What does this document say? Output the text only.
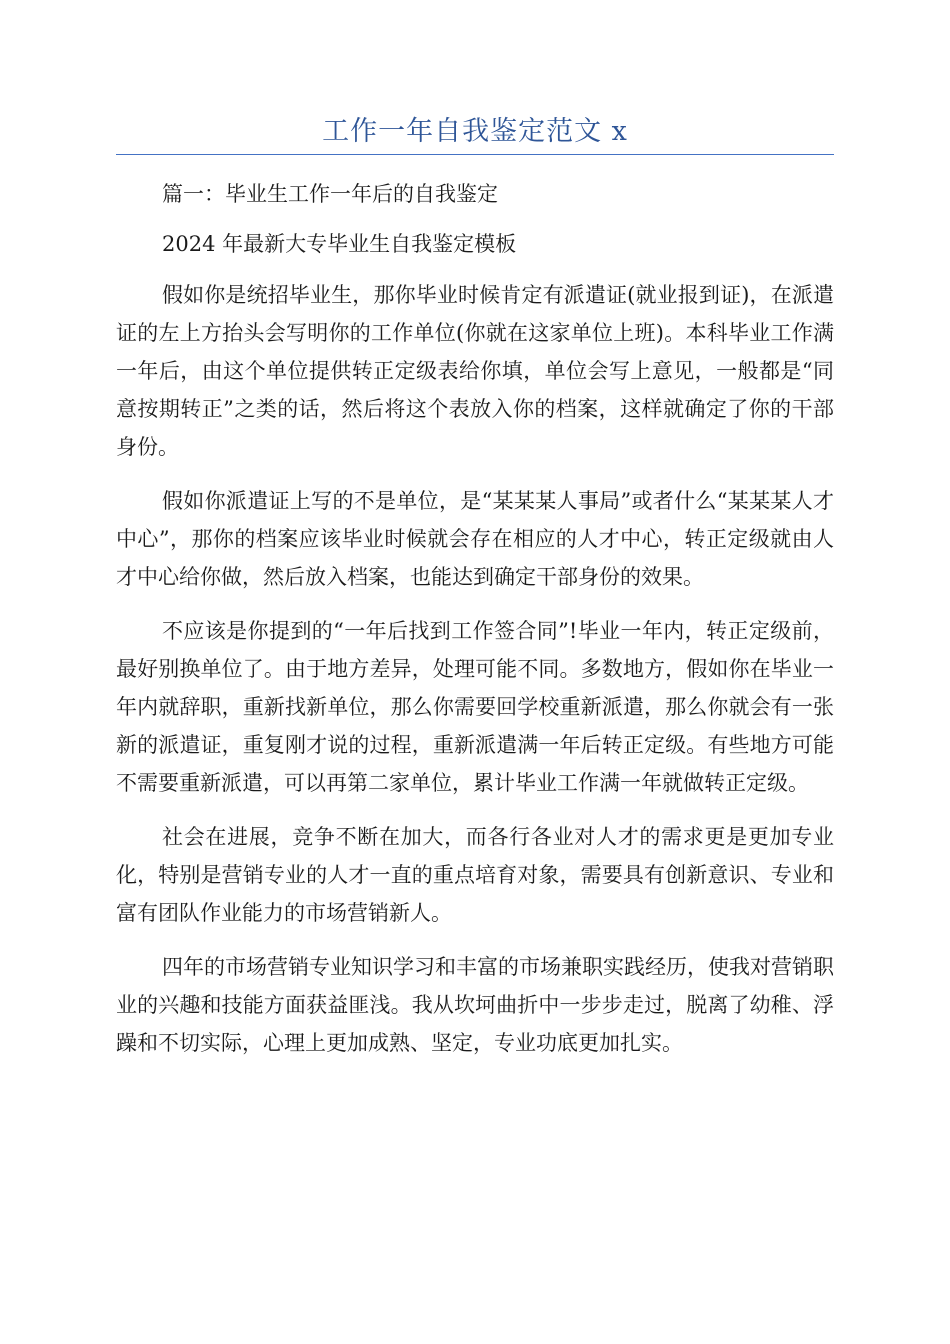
工作一年自我鉴定范文 x

篇一：毕业生工作一年后的自我鉴定

2024 年最新大专毕业生自我鉴定模板

假如你是统招毕业生，那你毕业时候肯定有派遣证(就业报到证)，在派遣证的左上方抬头会写明你的工作单位(你就在这家单位上班)。本科毕业工作满一年后，由这个单位提供转正定级表给你填，单位会写上意见，一般都是“同意按期转正”之类的话，然后将这个表放入你的档案，这样就确定了你的干部身份。

假如你派遣证上写的不是单位，是“某某某人事局”或者什么“某某某人才中心”，那你的档案应该毕业时候就会存在相应的人才中心，转正定级就由人才中心给你做，然后放入档案，也能达到确定干部身份的效果。

不应该是你提到的“一年后找到工作签合同”!毕业一年内，转正定级前，最好别换单位了。由于地方差异，处理可能不同。多数地方，假如你在毕业一年内就辞职，重新找新单位，那么你需要回学校重新派遣，那么你就会有一张新的派遣证，重复刚才说的过程，重新派遣满一年后转正定级。有些地方可能不需要重新派遣，可以再第二家单位，累计毕业工作满一年就做转正定级。

社会在进展，竞争不断在加大，而各行各业对人才的需求更是更加专业化，特别是营销专业的人才一直的重点培育对象，需要具有创新意识、专业和富有团队作业能力的市场营销新人。

四年的市场营销专业知识学习和丰富的市场兼职实践经历，使我对营销职业的兴趣和技能方面获益匪浅。我从坎坷曲折中一步步走过，脱离了幼稚、浮躁和不切实际，心理上更加成熟、坚定，专业功底更加扎实。
